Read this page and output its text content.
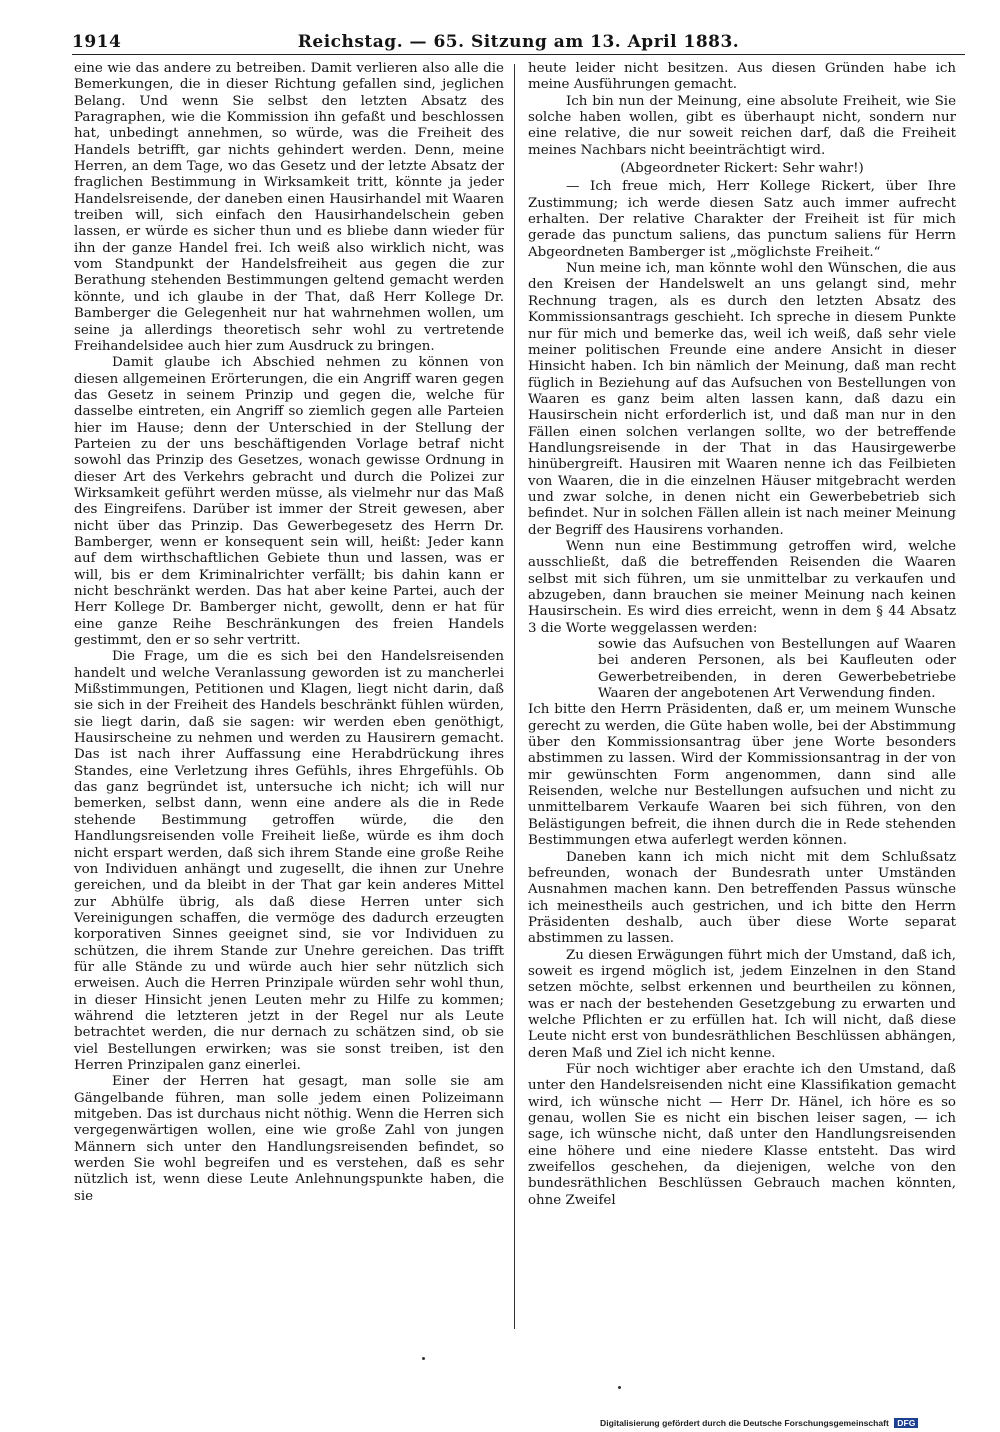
1914	Reichstag. — 65. Sitzung am 13. April 1883.

eine wie das andere zu betreiben. Damit verlieren also alle die Bemerkungen, die in dieser Richtung gefallen sind, jeglichen Belang. Und wenn Sie selbst den letzten Absatz des Paragraphen, wie die Kommission ihn gefaßt und beschlossen hat, unbedingt annehmen, so würde, was die Freiheit des Handels betrifft, gar nichts gehindert werden. Denn, meine Herren, an dem Tage, wo das Gesetz und der letzte Absatz der fraglichen Bestimmung in Wirksamkeit tritt, könnte ja jeder Handelsreisende, der daneben einen Hausirhandel mit Waaren treiben will, sich einfach den Hausirhandelschein geben lassen, er würde es sicher thun und es bliebe dann wieder für ihn der ganze Handel frei. Ich weiß also wirklich nicht, was vom Standpunkt der Handelsfreiheit aus gegen die zur Berathung stehenden Bestimmungen geltend gemacht werden könnte, und ich glaube in der That, daß Herr Kollege Dr. Bamberger die Gelegenheit nur hat wahrnehmen wollen, um seine ja allerdings theoretisch sehr wohl zu vertretende Freihandelsidee auch hier zum Ausdruck zu bringen.

Damit glaube ich Abschied nehmen zu können von diesen allgemeinen Erörterungen, die ein Angriff waren gegen das Gesetz in seinem Prinzip und gegen die, welche für dasselbe eintreten, ein Angriff so ziemlich gegen alle Parteien hier im Hause; denn der Unterschied in der Stellung der Parteien zu der uns beschäftigenden Vorlage betraf nicht sowohl das Prinzip des Gesetzes, wonach gewisse Ordnung in dieser Art des Verkehrs gebracht und durch die Polizei zur Wirksamkeit geführt werden müsse, als vielmehr nur das Maß des Eingreifens. Darüber ist immer der Streit gewesen, aber nicht über das Prinzip. Das Gewerbegesetz des Herrn Dr. Bamberger, wenn er konsequent sein will, heißt: Jeder kann auf dem wirthschaftlichen Gebiete thun und lassen, was er will, bis er dem Kriminalrichter verfällt; bis dahin kann er nicht beschränkt werden. Das hat aber keine Partei, auch der Herr Kollege Dr. Bamberger nicht, gewollt, denn er hat für eine ganze Reihe Beschränkungen des freien Handels gestimmt, den er so sehr vertritt.

Die Frage, um die es sich bei den Handelsreisenden handelt und welche Veranlassung geworden ist zu mancherlei Mißstimmungen, Petitionen und Klagen, liegt nicht darin, daß sie sich in der Freiheit des Handels beschränkt fühlen würden, sie liegt darin, daß sie sagen: wir werden eben genöthigt, Hausirscheine zu nehmen und werden zu Hausirern gemacht. Das ist nach ihrer Auffassung eine Herabdrückung ihres Standes, eine Verletzung ihres Gefühls, ihres Ehrgefühls. Ob das ganz begründet ist, untersuche ich nicht; ich will nur bemerken, selbst dann, wenn eine andere als die in Rede stehende Bestimmung getroffen würde, die den Handlungsreisenden volle Freiheit ließe, würde es ihm doch nicht erspart werden, daß sich ihrem Stande eine große Reihe von Individuen anhängt und zugesellt, die ihnen zur Unehre gereichen, und da bleibt in der That gar kein anderes Mittel zur Abhülfe übrig, als daß diese Herren unter sich Vereinigungen schaffen, die vermöge des dadurch erzeugten korporativen Sinnes geeignet sind, sie vor Individuen zu schützen, die ihrem Stande zur Unehre gereichen. Das trifft für alle Stände zu und würde auch hier sehr nützlich sich erweisen. Auch die Herren Prinzipale würden sehr wohl thun, in dieser Hinsicht jenen Leuten mehr zu Hilfe zu kommen; während die letzteren jetzt in der Regel nur als Leute betrachtet werden, die nur dernach zu schätzen sind, ob sie viel Bestellungen erwirken; was sie sonst treiben, ist den Herren Prinzipalen ganz einerlei.

Einer der Herren hat gesagt, man solle sie am Gängelbande führen, man solle jedem einen Polizeimann mitgeben. Das ist durchaus nicht nöthig. Wenn die Herren sich vergegenwärtigen wollen, eine wie große Zahl von jungen Männern sich unter den Handlungsreisenden befindet, so werden Sie wohl begreifen und es verstehen, daß es sehr nützlich ist, wenn diese Leute Anlehnungspunkte haben, die sie

heute leider nicht besitzen. Aus diesen Gründen habe ich meine Ausführungen gemacht.

Ich bin nun der Meinung, eine absolute Freiheit, wie Sie solche haben wollen, gibt es überhaupt nicht, sondern nur eine relative, die nur soweit reichen darf, daß die Freiheit meines Nachbars nicht beeinträchtigt wird.

(Abgeordneter Rickert: Sehr wahr!)

— Ich freue mich, Herr Kollege Rickert, über Ihre Zustimmung; ich werde diesen Satz auch immer aufrecht erhalten. Der relative Charakter der Freiheit ist für mich gerade das punctum saliens, das punctum saliens für Herrn Abgeordneten Bamberger ist „möglichste Freiheit.“

Nun meine ich, man könnte wohl den Wünschen, die aus den Kreisen der Handelswelt an uns gelangt sind, mehr Rechnung tragen, als es durch den letzten Absatz des Kommissionsantrags geschieht. Ich spreche in diesem Punkte nur für mich und bemerke das, weil ich weiß, daß sehr viele meiner politischen Freunde eine andere Ansicht in dieser Hinsicht haben. Ich bin nämlich der Meinung, daß man recht füglich in Beziehung auf das Aufsuchen von Bestellungen von Waaren es ganz beim alten lassen kann, daß dazu ein Hausirschein nicht erforderlich ist, und daß man nur in den Fällen einen solchen verlangen sollte, wo der betreffende Handlungsreisende in der That in das Hausirgewerbe hinübergreift. Hausiren mit Waaren nenne ich das Feilbieten von Waaren, die in die einzelnen Häuser mitgebracht werden und zwar solche, in denen nicht ein Gewerbebetrieb sich befindet. Nur in solchen Fällen allein ist nach meiner Meinung der Begriff des Hausirens vorhanden.

Wenn nun eine Bestimmung getroffen wird, welche ausschließt, daß die betreffenden Reisenden die Waaren selbst mit sich führen, um sie unmittelbar zu verkaufen und abzugeben, dann brauchen sie meiner Meinung nach keinen Hausirschein. Es wird dies erreicht, wenn in dem § 44 Absatz 3 die Worte weggelassen werden:

sowie das Aufsuchen von Bestellungen auf Waaren bei anderen Personen, als bei Kaufleuten oder Gewerbetreibenden, in deren Gewerbebetriebe Waaren der angebotenen Art Verwendung finden.

Ich bitte den Herrn Präsidenten, daß er, um meinem Wunsche gerecht zu werden, die Güte haben wolle, bei der Abstimmung über den Kommissionsantrag über jene Worte besonders abstimmen zu lassen. Wird der Kommissionsantrag in der von mir gewünschten Form angenommen, dann sind alle Reisenden, welche nur Bestellungen aufsuchen und nicht zu unmittelbarem Verkaufe Waaren bei sich führen, von den Belästigungen befreit, die ihnen durch die in Rede stehenden Bestimmungen etwa auferlegt werden können.

Daneben kann ich mich nicht mit dem Schlußsatz befreunden, wonach der Bundesrath unter Umständen Ausnahmen machen kann. Den betreffenden Passus wünsche ich meinestheils auch gestrichen, und ich bitte den Herrn Präsidenten deshalb, auch über diese Worte separat abstimmen zu lassen.

Zu diesen Erwägungen führt mich der Umstand, daß ich, soweit es irgend möglich ist, jedem Einzelnen in den Stand setzen möchte, selbst erkennen und beurtheilen zu können, was er nach der bestehenden Gesetzgebung zu erwarten und welche Pflichten er zu erfüllen hat. Ich will nicht, daß diese Leute nicht erst von bundesräthlichen Beschlüssen abhängen, deren Maß und Ziel ich nicht kenne.

Für noch wichtiger aber erachte ich den Umstand, daß unter den Handelsreisenden nicht eine Klassifikation gemacht wird, ich wünsche nicht — Herr Dr. Hänel, ich höre es so genau, wollen Sie es nicht ein bischen leiser sagen, — ich sage, ich wünsche nicht, daß unter den Handlungsreisenden eine höhere und eine niedere Klasse entsteht. Das wird zweifellos geschehen, da diejenigen, welche von den bundesräthlichen Beschlüssen Gebrauch machen könnten, ohne Zweifel

Digitalisierung gefördert durch die Deutsche Forschungsgemeinschaft DFG
